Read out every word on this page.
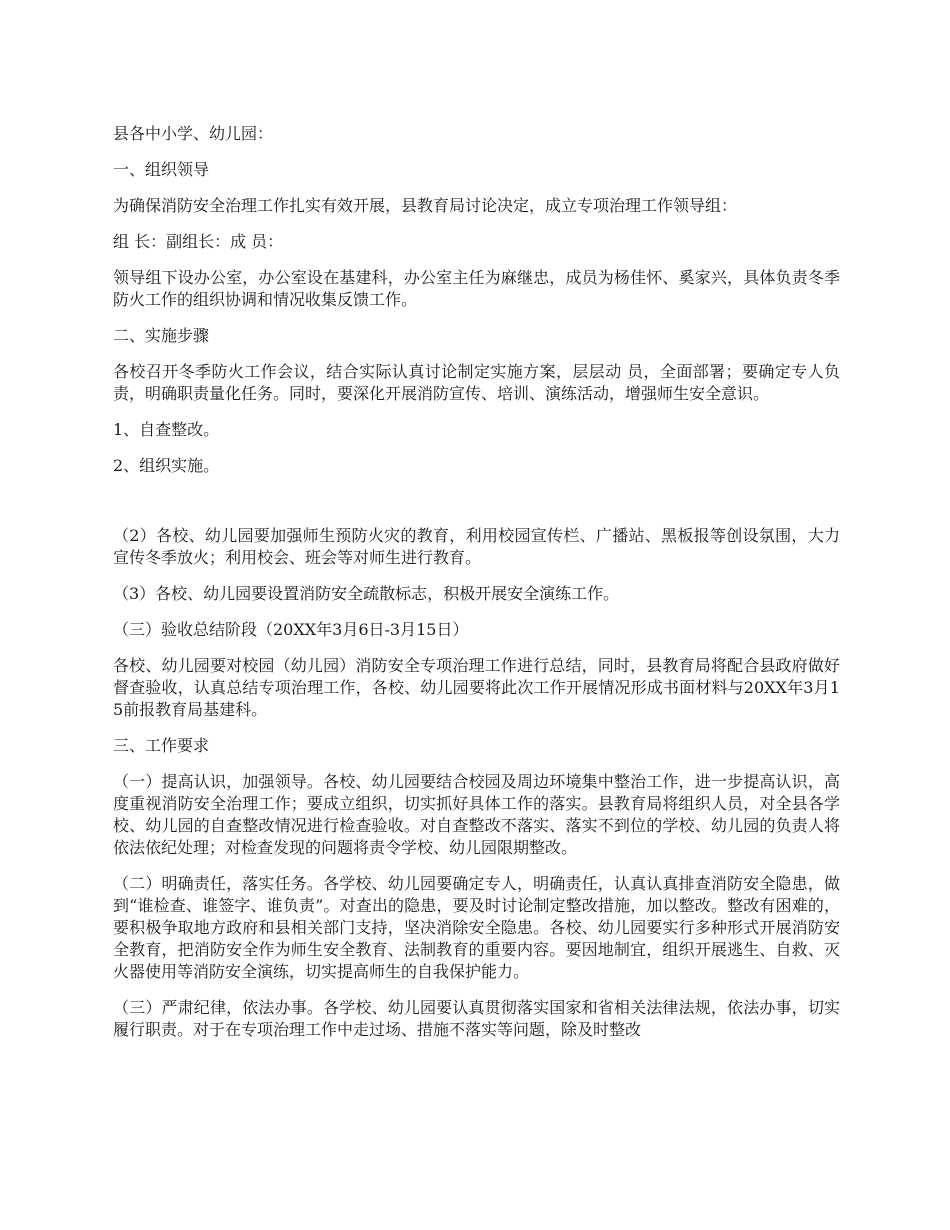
县各中小学、幼儿园：

一、组织领导

为确保消防安全治理工作扎实有效开展，县教育局讨论决定，成立专项治理工作领导组：

组 长：副组长：成 员：

领导组下设办公室，办公室设在基建科，办公室主任为麻继忠，成员为杨佳怀、奚家兴，具体负责冬季防火工作的组织协调和情况收集反馈工作。

二、实施步骤

各校召开冬季防火工作会议，结合实际认真讨论制定实施方案，层层动 员，全面部署；要确定专人负责，明确职责量化任务。同时，要深化开展消防宣传、培训、演练活动，增强师生安全意识。

1、自查整改。

2、组织实施。

（2）各校、幼儿园要加强师生预防火灾的教育，利用校园宣传栏、广播站、黑板报等创设氛围，大力宣传冬季放火；利用校会、班会等对师生进行教育。

（3）各校、幼儿园要设置消防安全疏散标志，积极开展安全演练工作。

（三）验收总结阶段（20XX年3月6日-3月15日）

各校、幼儿园要对校园（幼儿园）消防安全专项治理工作进行总结，同时，县教育局将配合县政府做好督查验收，认真总结专项治理工作，各校、幼儿园要将此次工作开展情况形成书面材料与20XX年3月15前报教育局基建科。

三、工作要求

（一）提高认识，加强领导。各校、幼儿园要结合校园及周边环境集中整治工作，进一步提高认识，高度重视消防安全治理工作；要成立组织，切实抓好具体工作的落实。县教育局将组织人员，对全县各学校、幼儿园的自查整改情况进行检查验收。对自查整改不落实、落实不到位的学校、幼儿园的负责人将依法依纪处理；对检查发现的问题将责令学校、幼儿园限期整改。

（二）明确责任，落实任务。各学校、幼儿园要确定专人，明确责任，认真认真排查消防安全隐患，做到“谁检查、谁签字、谁负责”。对查出的隐患，要及时讨论制定整改措施，加以整改。整改有困难的，要积极争取地方政府和县相关部门支持，坚决消除安全隐患。各校、幼儿园要实行多种形式开展消防安全教育，把消防安全作为师生安全教育、法制教育的重要内容。要因地制宜，组织开展逃生、自救、灭火器使用等消防安全演练，切实提高师生的自我保护能力。

（三）严肃纪律，依法办事。各学校、幼儿园要认真贯彻落实国家和省相关法律法规，依法办事，切实履行职责。对于在专项治理工作中走过场、措施不落实等问题，除及时整改
